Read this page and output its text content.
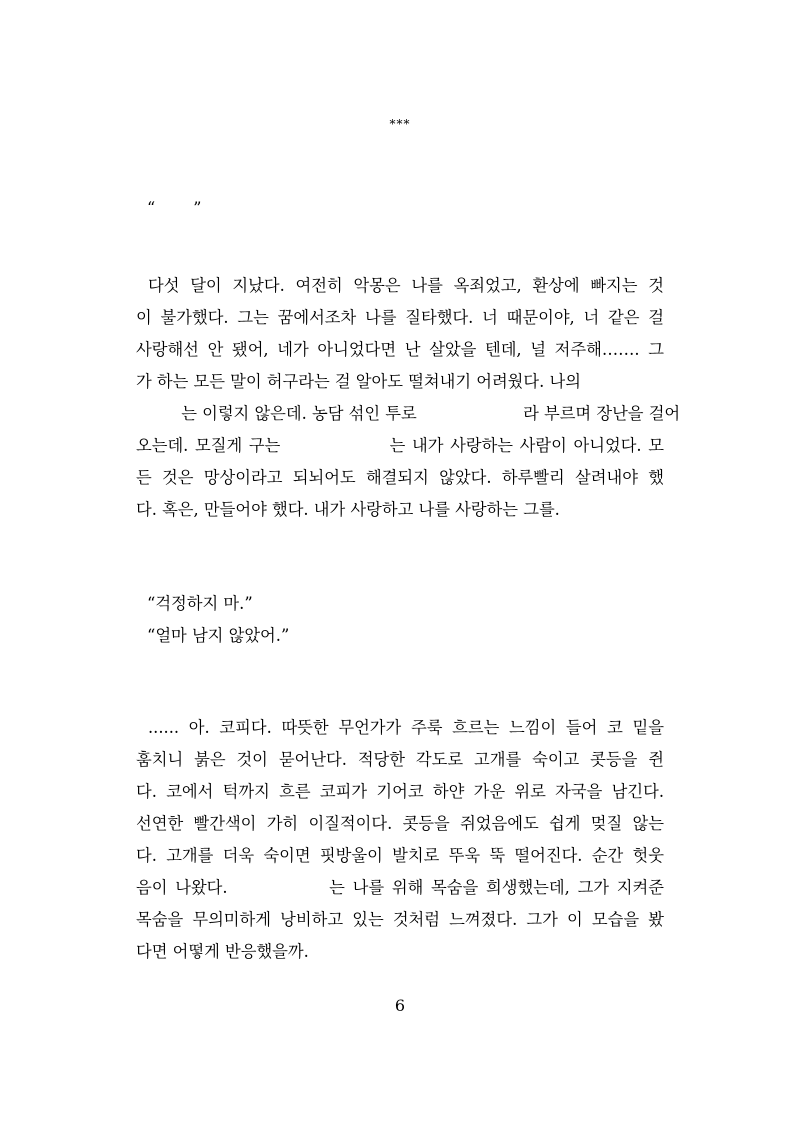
***
“ ”
다섯 달이 지났다. 여전히 악몽은 나를 옥죄었고, 환상에 빠지는 것
이 불가했다. 그는 꿈에서조차 나를 질타했다. 너 때문이야, 너 같은 걸
사랑해선 안 됐어, 네가 아니었다면 난 살았을 텐데, 널 저주해……. 그
가 하는 모든 말이 허구라는 걸 알아도 떨쳐내기 어려웠다. 나의
는 이렇지 않은데. 농담 섞인 투로	라 부르며 장난을 걸어
오는데. 모질게 구는	는 내가 사랑하는 사람이 아니었다. 모
든 것은 망상이라고 되뇌어도 해결되지 않았다. 하루빨리 살려내야 했
다. 혹은, 만들어야 했다. 내가 사랑하고 나를 사랑하는 그를.
“걱정하지 마.”
“얼마 남지 않았어.”
...... 아. 코피다. 따뜻한 무언가가 주룩 흐르는 느낌이 들어 코 밑을
훔치니 붉은 것이 묻어난다. 적당한 각도로 고개를 숙이고 콧등을 쥔
다. 코에서 턱까지 흐른 코피가 기어코 하얀 가운 위로 자국을 남긴다.
선연한 빨간색이 가히 이질적이다. 콧등을 쥐었음에도 쉽게 멎질 않는
다. 고개를 더욱 숙이면 핏방울이 발치로 뚜욱 뚝 떨어진다. 순간 헛웃
음이 나왔다.	는 나를 위해 목숨을 희생했는데, 그가 지켜준
목숨을 무의미하게 낭비하고 있는 것처럼 느껴졌다. 그가 이 모습을 봤
다면 어떻게 반응했을까.
6
